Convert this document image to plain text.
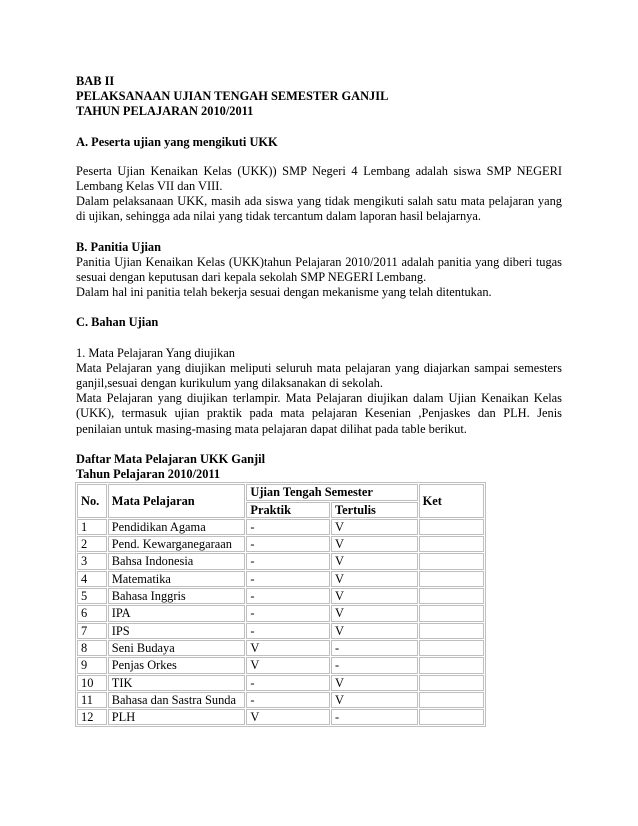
BAB II
PELAKSANAAN UJIAN TENGAH SEMESTER GANJIL
TAHUN PELAJARAN 2010/2011
A. Peserta ujian yang mengikuti UKK
Peserta Ujian Kenaikan Kelas (UKK)) SMP Negeri 4 Lembang adalah siswa SMP NEGERI
Lembang Kelas VII dan VIII.
Dalam pelaksanaan UKK, masih ada siswa yang tidak mengikuti salah satu mata pelajaran yang
di ujikan, sehingga ada nilai yang tidak tercantum dalam laporan hasil belajarnya.
B. Panitia Ujian
Panitia Ujian Kenaikan Kelas (UKK)tahun Pelajaran 2010/2011 adalah panitia yang diberi tugas
sesuai dengan keputusan dari kepala sekolah SMP NEGERI Lembang.
Dalam hal ini panitia telah bekerja sesuai dengan mekanisme yang telah ditentukan.
C. Bahan Ujian
1. Mata Pelajaran Yang diujikan
Mata Pelajaran yang diujikan meliputi seluruh mata pelajaran yang diajarkan sampai semesters
ganjil,sesuai dengan kurikulum yang dilaksanakan di sekolah.
Mata Pelajaran yang diujikan terlampir. Mata Pelajaran diujikan dalam Ujian Kenaikan Kelas
(UKK), termasuk ujian praktik pada mata pelajaran Kesenian ,Penjaskes dan PLH. Jenis
penilaian untuk masing-masing mata pelajaran dapat dilihat pada table berikut.
Daftar Mata Pelajaran UKK Ganjil
Tahun Pelajaran 2010/2011
No.	Mata Pelajaran	Ujian Tengah Semester		Ket
		Praktik	Tertulis	
1	Pendidikan Agama	-	V	
2	Pend. Kewarganegaraan	-	V	
3	Bahsa Indonesia	-	V	
4	Matematika	-	V	
5	Bahasa Inggris	-	V	
6	IPA	-	V	
7	IPS	-	V	
8	Seni Budaya	V	-	
9	Penjas Orkes	V	-	
10	TIK	-	V	
11	Bahasa dan Sastra Sunda	-	V	
12	PLH	V	-	
